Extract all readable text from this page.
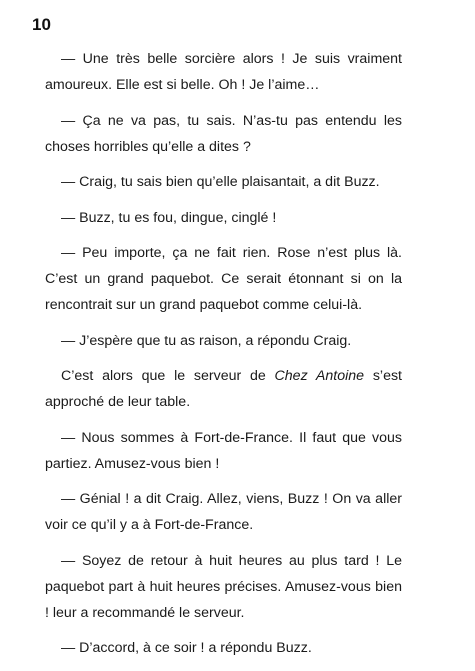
10

— Une très belle sorcière alors ! Je suis vraiment amoureux. Elle est si belle. Oh ! Je l’aime…

— Ça ne va pas, tu sais. N’as-tu pas entendu les choses horribles qu’elle a dites ?

— Craig, tu sais bien qu’elle plaisantait, a dit Buzz.

— Buzz, tu es fou, dingue, cinglé !

— Peu importe, ça ne fait rien. Rose n’est plus là. C’est un grand paquebot. Ce serait étonnant si on la rencontrait sur un grand paquebot comme celui-là.

— J’espère que tu as raison, a répondu Craig.

C’est alors que le serveur de Chez Antoine s’est approché de leur table.

— Nous sommes à Fort-de-France. Il faut que vous partiez. Amusez-vous bien !

— Génial ! a dit Craig. Allez, viens, Buzz ! On va aller voir ce qu’il y a à Fort-de-France.

— Soyez de retour à huit heures au plus tard ! Le paquebot part à huit heures précises. Amusez-vous bien ! leur a recommandé le serveur.

— D’accord, à ce soir ! a répondu Buzz.
